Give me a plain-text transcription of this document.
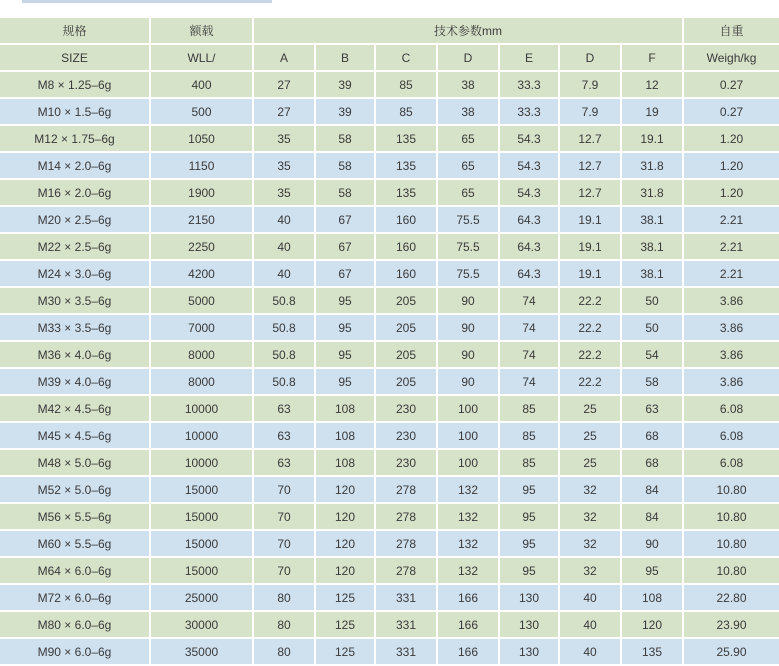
规格	额载	技术参数mm							自重
SIZE	WLL/	A	B	C	D	E	D	F	Weigh/kg
M8 × 1.25–6g	400	27	39	85	38	33.3	7.9	12	0.27
M10 × 1.5–6g	500	27	39	85	38	33.3	7.9	19	0.27
M12 × 1.75–6g	1050	35	58	135	65	54.3	12.7	19.1	1.20
M14 × 2.0–6g	1150	35	58	135	65	54.3	12.7	31.8	1.20
M16 × 2.0–6g	1900	35	58	135	65	54.3	12.7	31.8	1.20
M20 × 2.5–6g	2150	40	67	160	75.5	64.3	19.1	38.1	2.21
M22 × 2.5–6g	2250	40	67	160	75.5	64.3	19.1	38.1	2.21
M24 × 3.0–6g	4200	40	67	160	75.5	64.3	19.1	38.1	2.21
M30 × 3.5–6g	5000	50.8	95	205	90	74	22.2	50	3.86
M33 × 3.5–6g	7000	50.8	95	205	90	74	22.2	50	3.86
M36 × 4.0–6g	8000	50.8	95	205	90	74	22.2	54	3.86
M39 × 4.0–6g	8000	50.8	95	205	90	74	22.2	58	3.86
M42 × 4.5–6g	10000	63	108	230	100	85	25	63	6.08
M45 × 4.5–6g	10000	63	108	230	100	85	25	68	6.08
M48 × 5.0–6g	10000	63	108	230	100	85	25	68	6.08
M52 × 5.0–6g	15000	70	120	278	132	95	32	84	10.80
M56 × 5.5–6g	15000	70	120	278	132	95	32	84	10.80
M60 × 5.5–6g	15000	70	120	278	132	95	32	90	10.80
M64 × 6.0–6g	15000	70	120	278	132	95	32	95	10.80
M72 × 6.0–6g	25000	80	125	331	166	130	40	108	22.80
M80 × 6.0–6g	30000	80	125	331	166	130	40	120	23.90
M90 × 6.0–6g	35000	80	125	331	166	130	40	135	25.90
